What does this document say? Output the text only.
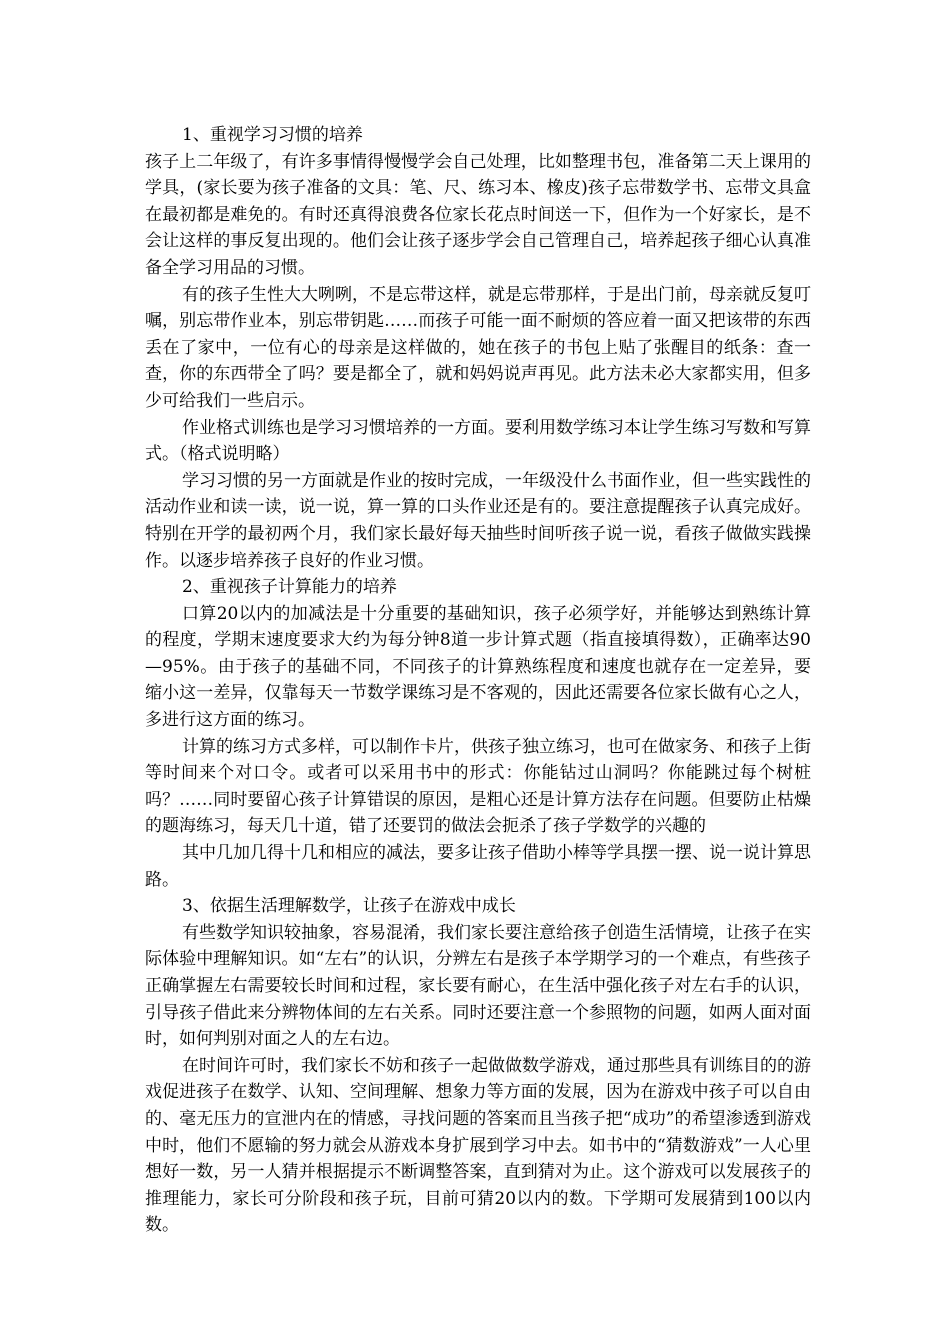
1、重视学习习惯的培养

孩子上二年级了，有许多事情得慢慢学会自己处理，比如整理书包，准备第二天上课用的学具，(家长要为孩子准备的文具：笔、尺、练习本、橡皮)孩子忘带数学书、忘带文具盒在最初都是难免的。有时还真得浪费各位家长花点时间送一下，但作为一个好家长，是不会让这样的事反复出现的。他们会让孩子逐步学会自己管理自己，培养起孩子细心认真准备全学习用品的习惯。

有的孩子生性大大咧咧，不是忘带这样，就是忘带那样，于是出门前，母亲就反复叮嘱，别忘带作业本，别忘带钥匙……而孩子可能一面不耐烦的答应着一面又把该带的东西丢在了家中，一位有心的母亲是这样做的，她在孩子的书包上贴了张醒目的纸条：查一查，你的东西带全了吗？要是都全了，就和妈妈说声再见。此方法未必大家都实用，但多少可给我们一些启示。

作业格式训练也是学习习惯培养的一方面。要利用数学练习本让学生练习写数和写算式。（格式说明略）

学习习惯的另一方面就是作业的按时完成，一年级没什么书面作业，但一些实践性的活动作业和读一读，说一说，算一算的口头作业还是有的。要注意提醒孩子认真完成好。特别在开学的最初两个月，我们家长最好每天抽些时间听孩子说一说，看孩子做做实践操作。以逐步培养孩子良好的作业习惯。

2、重视孩子计算能力的培养

口算20以内的加减法是十分重要的基础知识，孩子必须学好，并能够达到熟练计算的程度，学期末速度要求大约为每分钟8道一步计算式题（指直接填得数），正确率达90—95%。由于孩子的基础不同，不同孩子的计算熟练程度和速度也就存在一定差异，要缩小这一差异，仅靠每天一节数学课练习是不客观的，因此还需要各位家长做有心之人，多进行这方面的练习。

计算的练习方式多样，可以制作卡片，供孩子独立练习，也可在做家务、和孩子上街等时间来个对口令。或者可以采用书中的形式：你能钻过山洞吗？你能跳过每个树桩吗？……同时要留心孩子计算错误的原因，是粗心还是计算方法存在问题。但要防止枯燥的题海练习，每天几十道，错了还要罚的做法会扼杀了孩子学数学的兴趣的

其中几加几得十几和相应的减法，要多让孩子借助小棒等学具摆一摆、说一说计算思路。

3、依据生活理解数学，让孩子在游戏中成长

有些数学知识较抽象，容易混淆，我们家长要注意给孩子创造生活情境，让孩子在实际体验中理解知识。如“左右”的认识，分辨左右是孩子本学期学习的一个难点，有些孩子正确掌握左右需要较长时间和过程，家长要有耐心，在生活中强化孩子对左右手的认识，引导孩子借此来分辨物体间的左右关系。同时还要注意一个参照物的问题，如两人面对面时，如何判别对面之人的左右边。

在时间许可时，我们家长不妨和孩子一起做做数学游戏，通过那些具有训练目的的游戏促进孩子在数学、认知、空间理解、想象力等方面的发展，因为在游戏中孩子可以自由的、毫无压力的宣泄内在的情感，寻找问题的答案而且当孩子把“成功”的希望渗透到游戏中时，他们不愿输的努力就会从游戏本身扩展到学习中去。如书中的“猜数游戏”一人心里想好一数，另一人猜并根据提示不断调整答案，直到猜对为止。这个游戏可以发展孩子的推理能力，家长可分阶段和孩子玩，目前可猜20以内的数。下学期可发展猜到100以内数。
